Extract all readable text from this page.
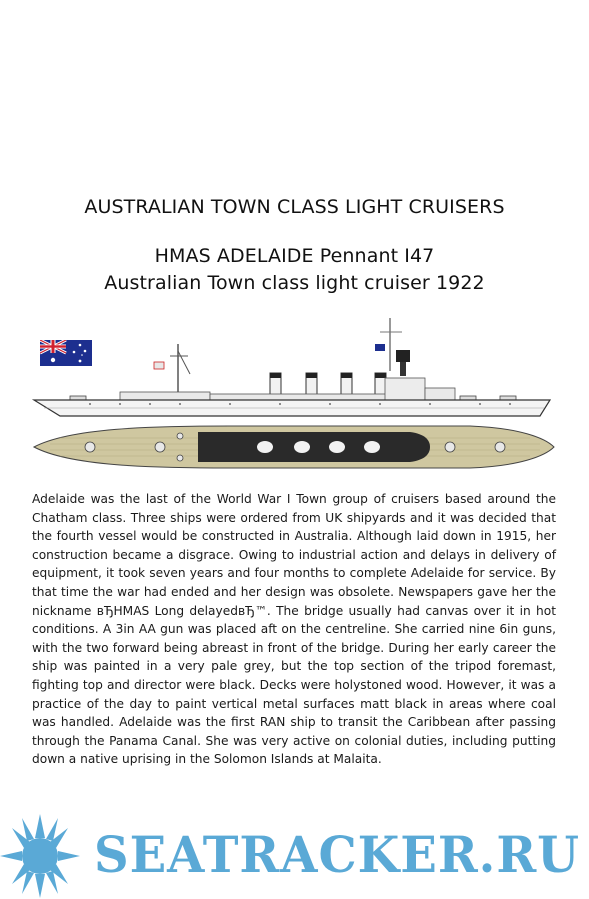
AUSTRALIAN TOWN CLASS LIGHT CRUISERS
HMAS ADELAIDE Pennant I47
Australian Town class light cruiser 1922

Adelaide was the last of the World War I Town group of cruisers based around the Chatham class. Three ships were ordered from UK shipyards and it was decided that the fourth vessel would be constructed in Australia. Although laid down in 1915, her construction became a disgrace. Owing to industrial action and delays in delivery of equipment, it took seven years and four months to complete Adelaide for service. By that time the war had ended and her design was obsolete. Newspapers gave her the nickname вЂHMAS Long delayedвЂ™. The bridge usually had canvas over it in hot conditions. A 3in AA gun was placed aft on the centreline. She carried nine 6in guns, with the two forward being abreast in front of the bridge. During her early career the ship was painted in a very pale grey, but the top section of the tripod foremast, fighting top and director were black. Decks were holystoned wood. However, it was a practice of the day to paint vertical metal surfaces matt black in areas where coal was handled. Adelaide was the first RAN ship to transit the Caribbean after passing through the Panama Canal. She was very active on colonial duties, including putting down a native uprising in the Solomon Islands at Malaita.

SEATRACKER.RU
